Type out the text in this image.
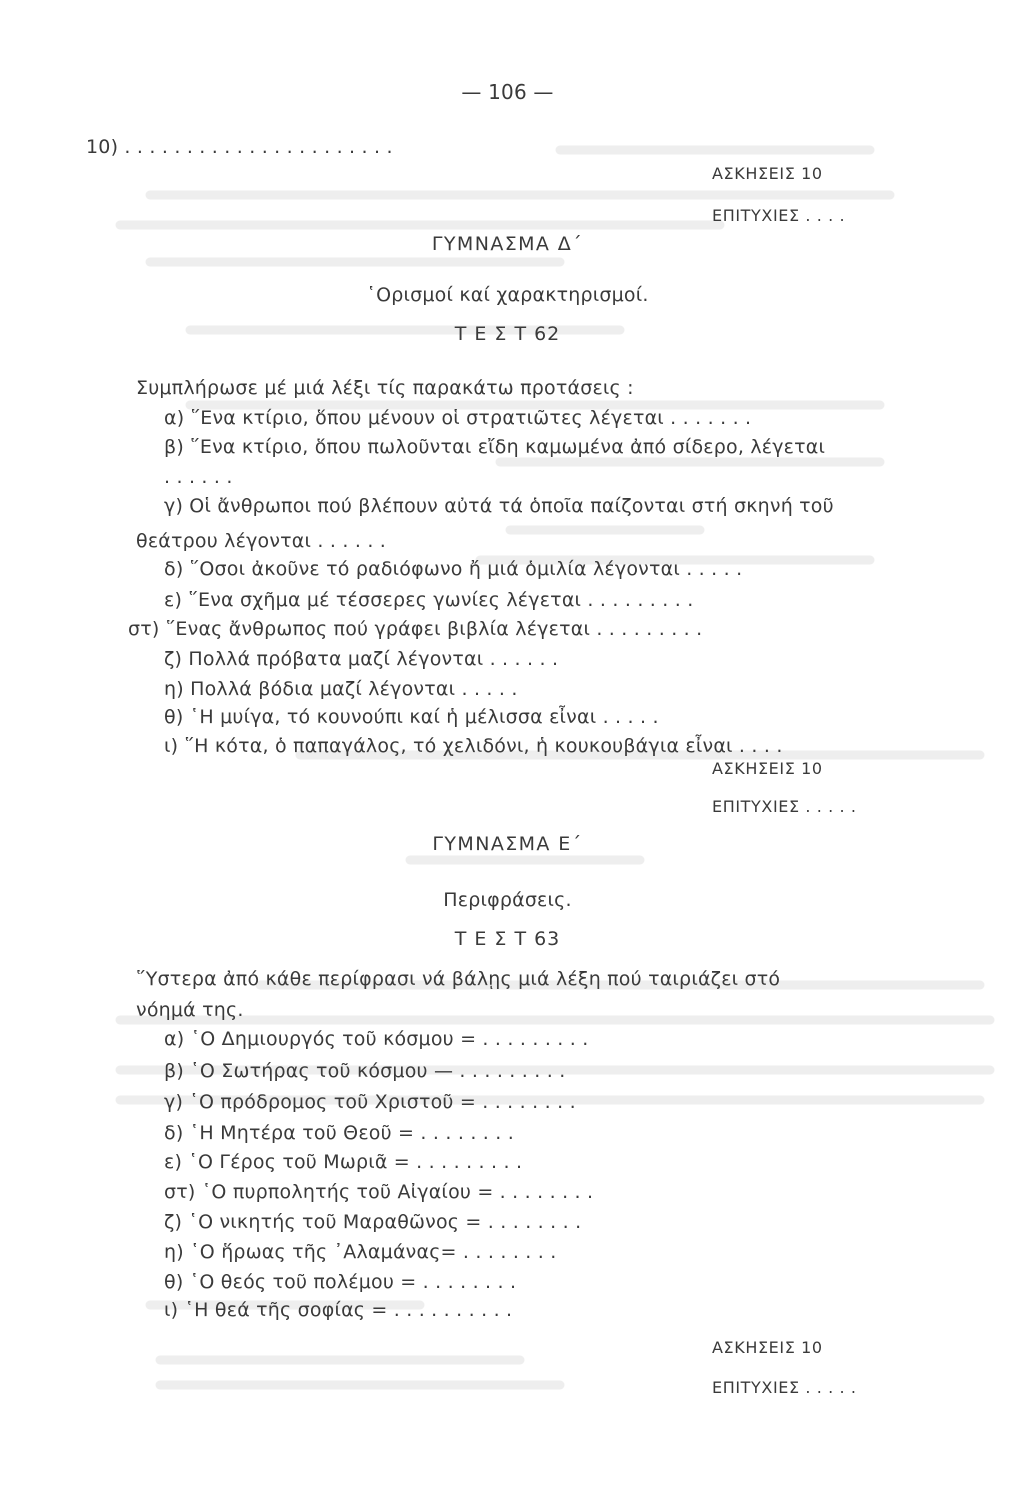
— 106 —
10) . . . . . . . . . . . . . . . . . . . . . .
ΑΣΚΗΣΕΙΣ 10
ΕΠΙΤΥΧΙΕΣ . . . .
ΓΥΜΝΑΣΜΑ Δ΄
῾Ορισμοί καί χαρακτηρισμοί.
Τ Ε Σ Τ 62
Συμπλήρωσε μέ μιά λέξι τίς παρακάτω προτάσεις :
α) ῞Ενα κτίριο, ὅπου μένουν οἱ στρατιῶτες λέγεται . . . . . . .
β) ῞Ενα κτίριο, ὅπου πωλοῦνται εἴδη καμωμένα ἀπό σίδερο, λέγεται
. . . . . .
γ) Οἱ ἄνθρωποι πού βλέπουν αὐτά τά ὁποῖα παίζονται στή σκηνή τοῦ
θεάτρου λέγονται . . . . . .
δ) ῞Οσοι ἀκοῦνε τό ραδιόφωνο ἤ μιά ὁμιλία λέγονται . . . . .
ε) ῞Ενα σχῆμα μέ τέσσερες γωνίες λέγεται . . . . . . . . .
στ) ῞Ενας ἄνθρωπος πού γράφει βιβλία λέγεται . . . . . . . . .
ζ) Πολλά πρόβατα μαζί λέγονται . . . . . .
η) Πολλά βόδια μαζί λέγονται . . . . .
θ) ῾Η μυίγα, τό κουνούπι καί ἡ μέλισσα εἶναι . . . . .
ι) ῞Η κότα, ὁ παπαγάλος, τό χελιδόνι, ἡ κουκουβάγια εἶναι . . . .
ΑΣΚΗΣΕΙΣ 10
ΕΠΙΤΥΧΙΕΣ . . . . .
ΓΥΜΝΑΣΜΑ Ε΄
Περιφράσεις.
Τ Ε Σ Τ 63
῞Υστερα ἀπό κάθε περίφρασι νά βάλῃς μιά λέξη πού ταιριάζει στό
νόημά της.
α) ῾Ο Δημιουργός τοῦ κόσμου = . . . . . . . . .
β) ῾Ο Σωτήρας τοῦ κόσμου — . . . . . . . . .
γ) ῾Ο πρόδρομος τοῦ Χριστοῦ = . . . . . . . .
δ) ῾Η Μητέρα τοῦ Θεοῦ = . . . . . . . .
ε) ῾Ο Γέρος τοῦ Μωριᾶ = . . . . . . . . .
στ) ῾Ο πυρπολητής τοῦ Αἰγαίου = . . . . . . . .
ζ) ῾Ο νικητής τοῦ Μαραθῶνος = . . . . . . . .
η) ῾Ο ἥρωας τῆς ᾿Αλαμάνας= . . . . . . . .
θ) ῾Ο θεός τοῦ πολέμου = . . . . . . . .
ι) ῾Η θεά τῆς σοφίας = . . . . . . . . . .
ΑΣΚΗΣΕΙΣ 10
ΕΠΙΤΥΧΙΕΣ . . . . .
